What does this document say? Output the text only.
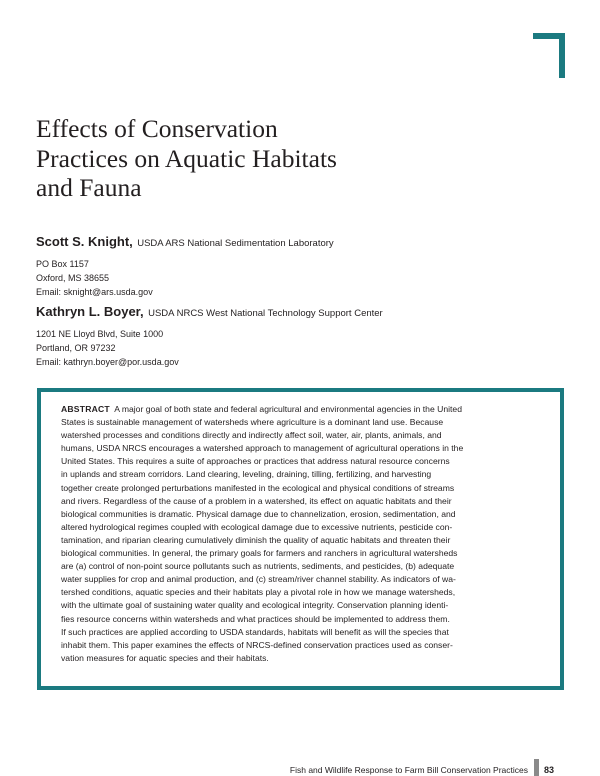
Effects of Conservation
Practices on Aquatic Habitats
and Fauna
Scott S. Knight, USDA ARS National Sedimentation Laboratory
PO Box 1157
Oxford, MS 38655
Email: sknight@ars.usda.gov
Kathryn L. Boyer, USDA NRCS West National Technology Support Center
1201 NE Lloyd Blvd, Suite 1000
Portland, OR 97232
Email: kathryn.boyer@por.usda.gov

ABSTRACT A major goal of both state and federal agricultural and environmental agencies in the United
States is sustainable management of watersheds where agriculture is a dominant land use. Because
watershed processes and conditions directly and indirectly affect soil, water, air, plants, animals, and
humans, USDA NRCS encourages a watershed approach to management of agricultural operations in the
United States. This requires a suite of approaches or practices that address natural resource concerns
in uplands and stream corridors. Land clearing, leveling, draining, tilling, fertilizing, and harvesting
together create prolonged perturbations manifested in the ecological and physical conditions of streams
and rivers. Regardless of the cause of a problem in a watershed, its effect on aquatic habitats and their
biological communities is dramatic. Physical damage due to channelization, erosion, sedimentation, and
altered hydrological regimes coupled with ecological damage due to excessive nutrients, pesticide con-
tamination, and riparian clearing cumulatively diminish the quality of aquatic habitats and threaten their
biological communities. In general, the primary goals for farmers and ranchers in agricultural watersheds
are (a) control of non-point source pollutants such as nutrients, sediments, and pesticides, (b) adequate
water supplies for crop and animal production, and (c) stream/river channel stability. As indicators of wa-
tershed conditions, aquatic species and their habitats play a pivotal role in how we manage watersheds,
with the ultimate goal of sustaining water quality and ecological integrity. Conservation planning identi-
fies resource concerns within watersheds and what practices should be implemented to address them.
If such practices are applied according to USDA standards, habitats will benefit as will the species that
inhabit them. This paper examines the effects of NRCS-defined conservation practices used as conser-
vation measures for aquatic species and their habitats.

Fish and Wildlife Response to Farm Bill Conservation Practices 83
